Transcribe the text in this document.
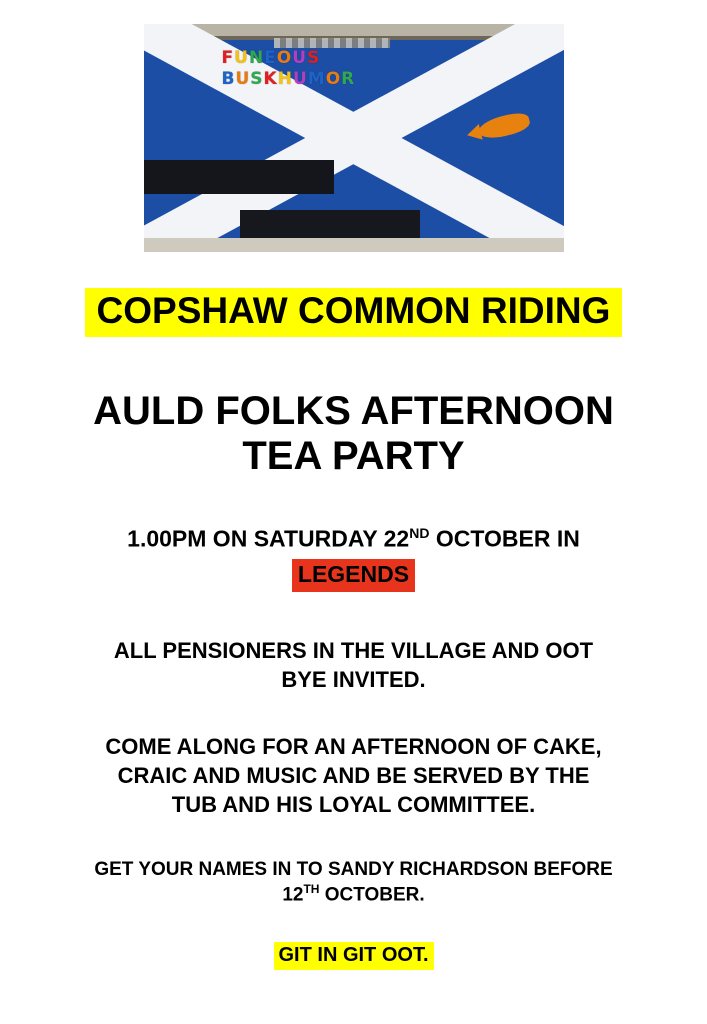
FUNEOUS
BUSKHUMOR
COPSHAW COMMON RIDING
AULD FOLKS AFTERNOON
TEA PARTY
1.00PM ON SATURDAY 22ND OCTOBER IN
LEGENDS
ALL PENSIONERS IN THE VILLAGE AND OOT
BYE INVITED.
COME ALONG FOR AN AFTERNOON OF CAKE,
CRAIC AND MUSIC AND BE SERVED BY THE
TUB AND HIS LOYAL COMMITTEE.
GET YOUR NAMES IN TO SANDY RICHARDSON BEFORE
12TH OCTOBER.
GIT IN GIT OOT.
